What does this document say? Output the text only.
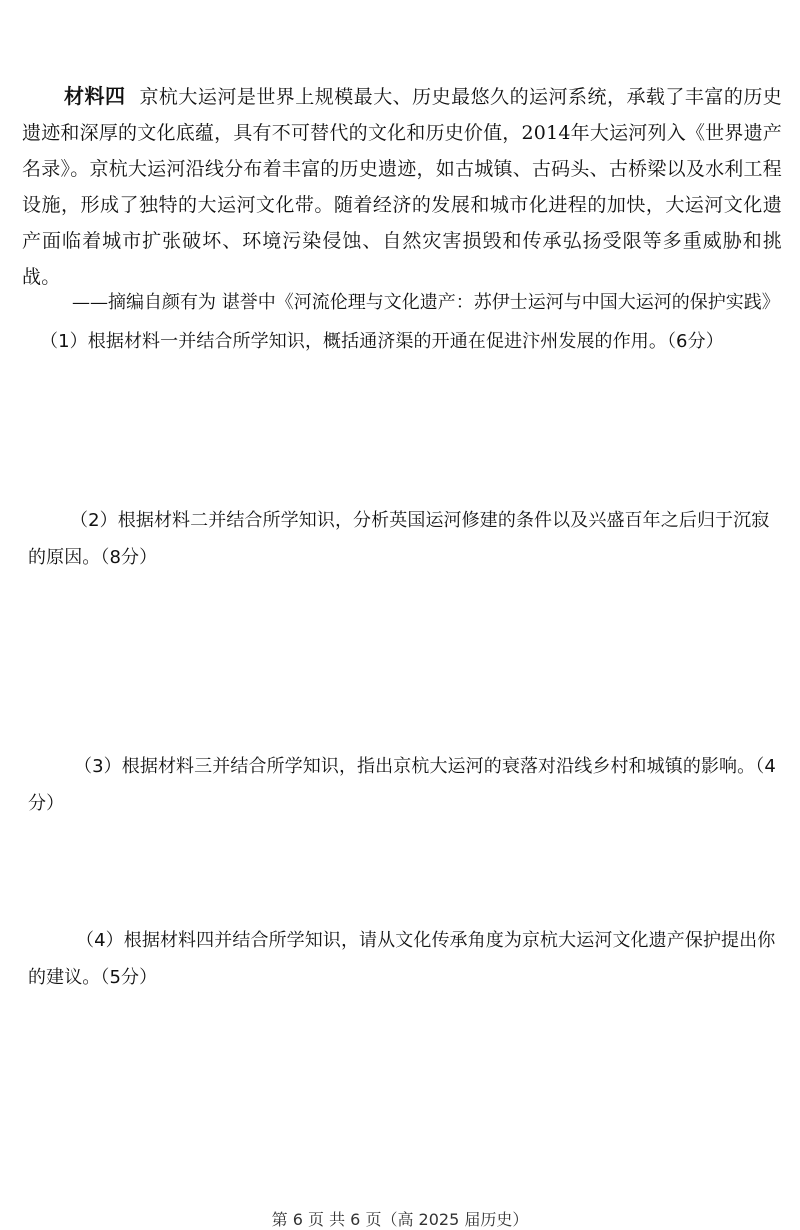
材料四 京杭大运河是世界上规模最大、历史最悠久的运河系统，承载了丰富的历史遗迹和深厚的文化底蕴，具有不可替代的文化和历史价值，2014年大运河列入《世界遗产名录》。京杭大运河沿线分布着丰富的历史遗迹，如古城镇、古码头、古桥梁以及水利工程设施，形成了独特的大运河文化带。随着经济的发展和城市化进程的加快，大运河文化遗产面临着城市扩张破坏、环境污染侵蚀、自然灾害损毁和传承弘扬受限等多重威胁和挑战。
——摘编自颜有为 谌誉中《河流伦理与文化遗产：苏伊士运河与中国大运河的保护实践》
（1）根据材料一并结合所学知识，概括通济渠的开通在促进汴州发展的作用。（6分）
（2）根据材料二并结合所学知识，分析英国运河修建的条件以及兴盛百年之后归于沉寂的原因。（8分）
（3）根据材料三并结合所学知识，指出京杭大运河的衰落对沿线乡村和城镇的影响。（4分）
（4）根据材料四并结合所学知识，请从文化传承角度为京杭大运河文化遗产保护提出你的建议。（5分）
第 6 页 共 6 页（高 2025 届历史）
